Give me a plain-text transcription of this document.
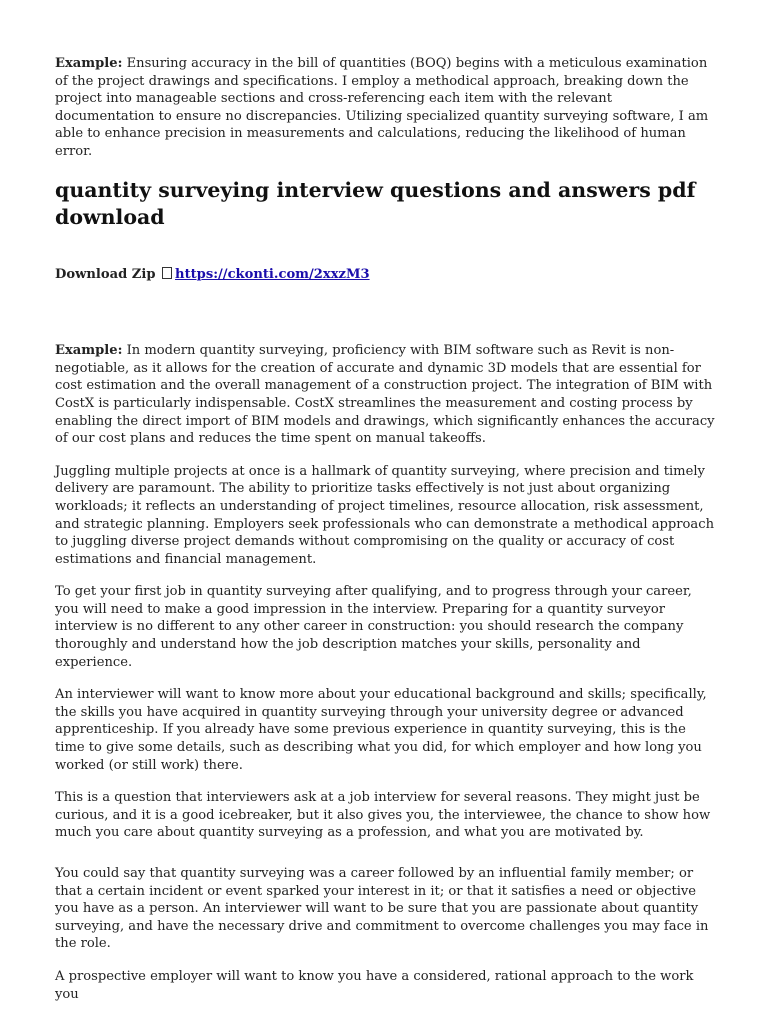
Example: Ensuring accuracy in the bill of quantities (BOQ) begins with a meticulous examination of the project drawings and specifications. I employ a methodical approach, breaking down the project into manageable sections and cross-referencing each item with the relevant documentation to ensure no discrepancies. Utilizing specialized quantity surveying software, I am able to enhance precision in measurements and calculations, reducing the likelihood of human error.

quantity surveying interview questions and answers pdf download

Download Zip https://ckonti.com/2xxzM3

Example: In modern quantity surveying, proficiency with BIM software such as Revit is non-negotiable, as it allows for the creation of accurate and dynamic 3D models that are essential for cost estimation and the overall management of a construction project. The integration of BIM with CostX is particularly indispensable. CostX streamlines the measurement and costing process by enabling the direct import of BIM models and drawings, which significantly enhances the accuracy of our cost plans and reduces the time spent on manual takeoffs.

Juggling multiple projects at once is a hallmark of quantity surveying, where precision and timely delivery are paramount. The ability to prioritize tasks effectively is not just about organizing workloads; it reflects an understanding of project timelines, resource allocation, risk assessment, and strategic planning. Employers seek professionals who can demonstrate a methodical approach to juggling diverse project demands without compromising on the quality or accuracy of cost estimations and financial management.

To get your first job in quantity surveying after qualifying, and to progress through your career, you will need to make a good impression in the interview. Preparing for a quantity surveyor interview is no different to any other career in construction: you should research the company thoroughly and understand how the job description matches your skills, personality and experience.

An interviewer will want to know more about your educational background and skills; specifically, the skills you have acquired in quantity surveying through your university degree or advanced apprenticeship. If you already have some previous experience in quantity surveying, this is the time to give some details, such as describing what you did, for which employer and how long you worked (or still work) there.

This is a question that interviewers ask at a job interview for several reasons. They might just be curious, and it is a good icebreaker, but it also gives you, the interviewee, the chance to show how much you care about quantity surveying as a profession, and what you are motivated by.

You could say that quantity surveying was a career followed by an influential family member; or that a certain incident or event sparked your interest in it; or that it satisfies a need or objective you have as a person. An interviewer will want to be sure that you are passionate about quantity surveying, and have the necessary drive and commitment to overcome challenges you may face in the role.

A prospective employer will want to know you have a considered, rational approach to the work you
